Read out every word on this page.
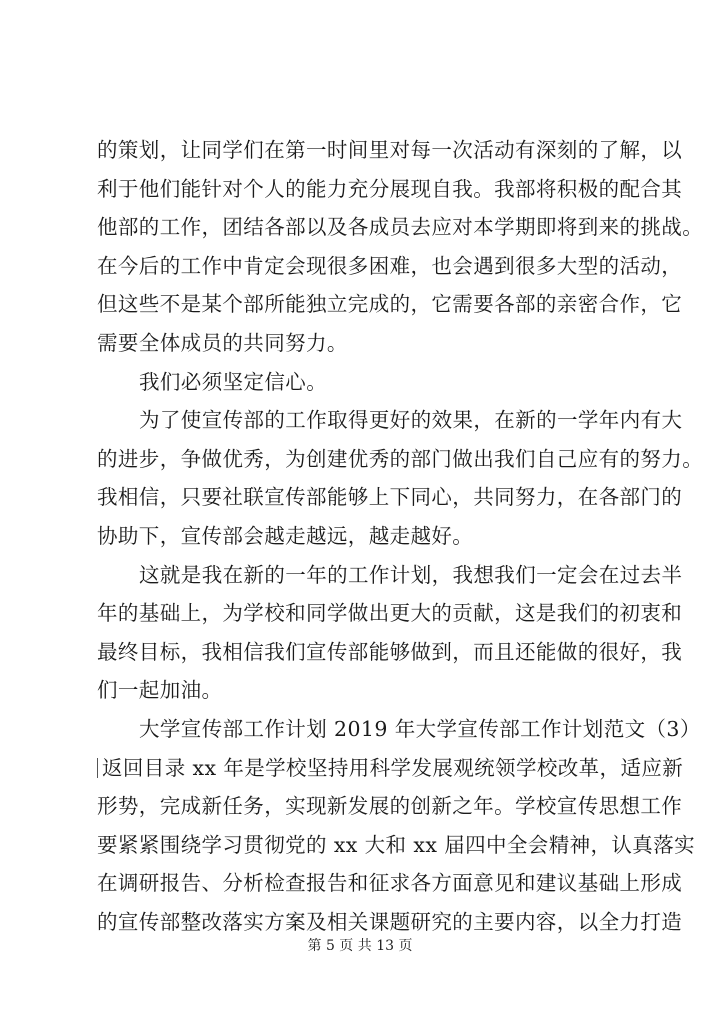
的策划，让同学们在第一时间里对每一次活动有深刻的了解，以
利于他们能针对个人的能力充分展现自我。我部将积极的配合其
他部的工作，团结各部以及各成员去应对本学期即将到来的挑战。
在今后的工作中肯定会现很多困难，也会遇到很多大型的活动，
但这些不是某个部所能独立完成的，它需要各部的亲密合作，它
需要全体成员的共同努力。
我们必须坚定信心。
为了使宣传部的工作取得更好的效果，在新的一学年内有大
的进步，争做优秀，为创建优秀的部门做出我们自己应有的努力。
我相信，只要社联宣传部能够上下同心，共同努力，在各部门的
协助下，宣传部会越走越远，越走越好。
这就是我在新的一年的工作计划，我想我们一定会在过去半
年的基础上，为学校和同学做出更大的贡献，这是我们的初衷和
最终目标，我相信我们宣传部能够做到，而且还能做的很好，我
们一起加油。
大学宣传部工作计划 2019 年大学宣传部工作计划范文（3）
返回目录 xx 年是学校坚持用科学发展观统领学校改革，适应新
形势，完成新任务，实现新发展的创新之年。学校宣传思想工作
要紧紧围绕学习贯彻党的 xx 大和 xx 届四中全会精神，认真落实
在调研报告、分析检查报告和征求各方面意见和建议基础上形成
的宣传部整改落实方案及相关课题研究的主要内容，以全力打造
第 5 页 共 13 页
